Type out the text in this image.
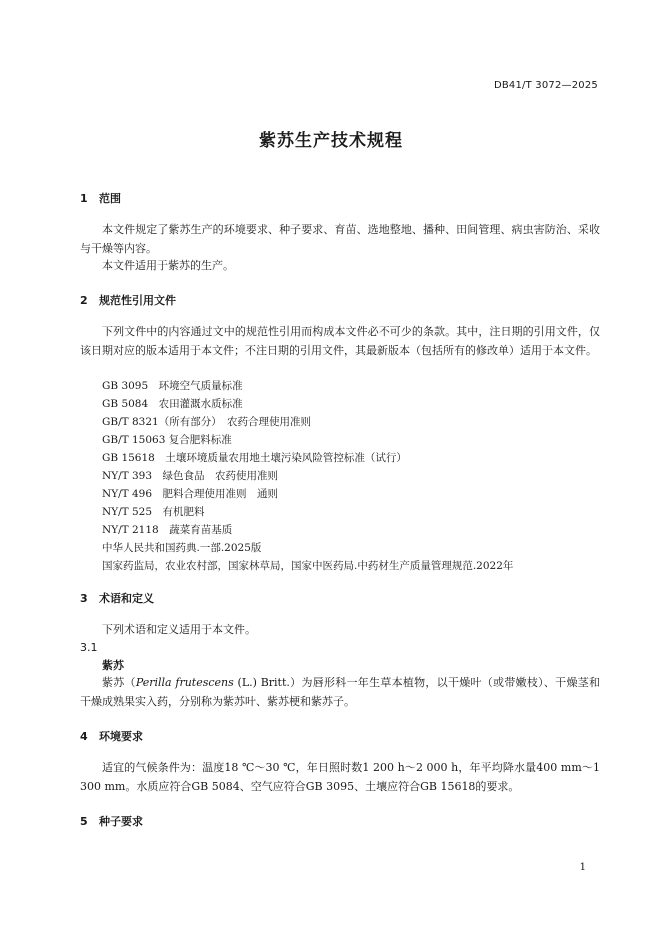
DB41/T 3072—2025
紫苏生产技术规程
1 范围

本文件规定了紫苏生产的环境要求、种子要求、育苗、选地整地、播种、田间管理、病虫害防治、采收与干燥等内容。

本文件适用于紫苏的生产。

2 规范性引用文件

下列文件中的内容通过文中的规范性引用而构成本文件必不可少的条款。其中，注日期的引用文件，仅该日期对应的版本适用于本文件；不注日期的引用文件，其最新版本（包括所有的修改单）适用于本文件。

GB 3095　环境空气质量标准
GB 5084　农田灌溉水质标准
GB/T 8321（所有部分）　农药合理使用准则
GB/T 15063 复合肥料标准
GB 15618　土壤环境质量农用地土壤污染风险管控标准（试行）
NY/T 393　绿色食品　农药使用准则
NY/T 496　肥料合理使用准则　通则
NY/T 525　有机肥料
NY/T 2118　蔬菜育苗基质
中华人民共和国药典.一部.2025版
国家药监局，农业农村部，国家林草局，国家中医药局.中药材生产质量管理规范.2022年
3 术语和定义

下列术语和定义适用于本文件。

3.1
紫苏

紫苏（Perilla frutescens (L.) Britt.）为唇形科一年生草本植物，以干燥叶（或带嫩枝）、干燥茎和干燥成熟果实入药，分别称为紫苏叶、紫苏梗和紫苏子。

4 环境要求

适宜的气候条件为：温度18 ℃～30 ℃，年日照时数1 200 h～2 000 h，年平均降水量400 mm～1 300 mm。水质应符合GB 5084、空气应符合GB 3095、土壤应符合GB 15618的要求。

5 种子要求
1
